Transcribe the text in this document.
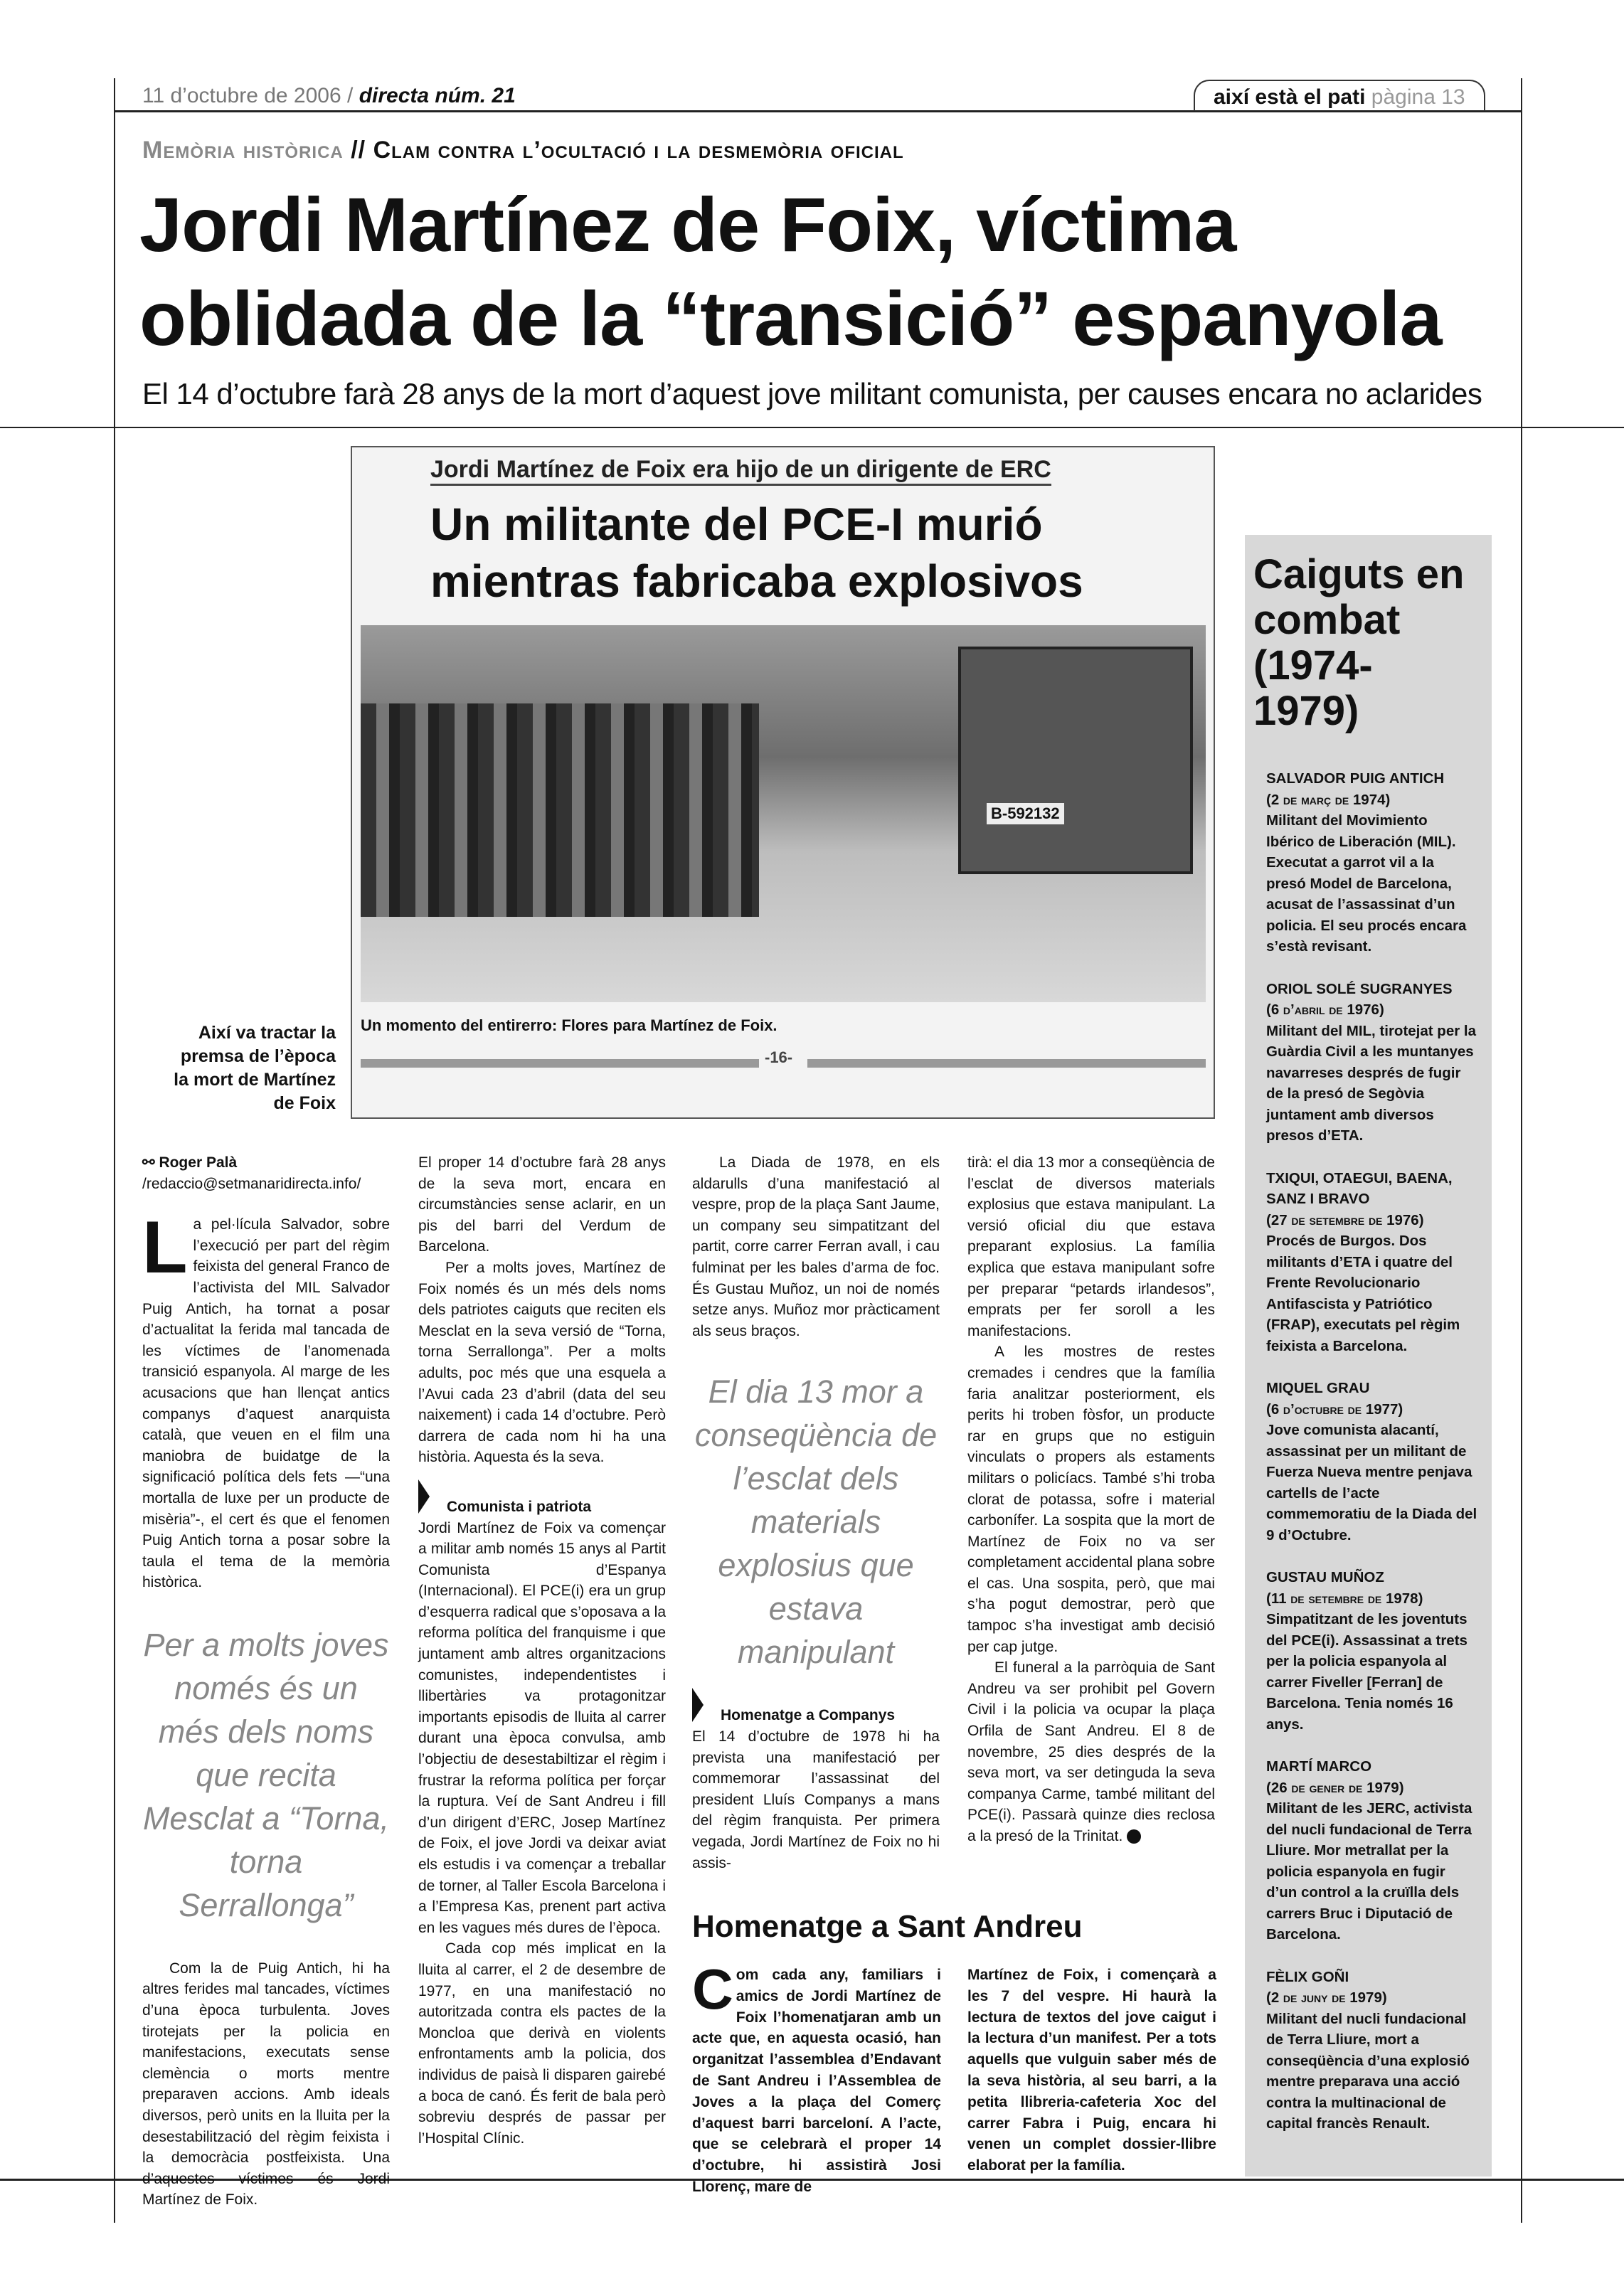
11 d’octubre de 2006 / directa núm. 21	així està el pati pàgina 13
Memòria històrica // Clam contra l’ocultació i la desmemòria oficial
Jordi Martínez de Foix, víctima oblidada de la “transició” espanyola
El 14 d’octubre farà 28 anys de la mort d’aquest jove militant comunista, per causes encara no aclarides
Jordi Martínez de Foix era hijo de un dirigente de ERC
Un militante del PCE-I murió mientras fabricaba explosivos
B-592132
Un momento del entirerro: Flores para Martínez de Foix.
-16-
Així va tractar la premsa de l’època la mort de Martínez de Foix
⚯ Roger Palà
/redaccio@setmanaridirecta.info/

La pel·lícula Salvador, sobre l’execució per part del règim feixista del general Franco de l’activista del MIL Salvador Puig Antich, ha tornat a posar d’actualitat la ferida mal tancada de les víctimes de l’anomenada transició espanyola. Al marge de les acusacions que han llençat antics companys d’aquest anarquista català, que veuen en el film una maniobra de buidatge de la significació política dels fets —“una mortalla de luxe per un producte de misèria”-, el cert és que el fenomen Puig Antich torna a posar sobre la taula el tema de la memòria històrica.

Per a molts joves només és un més dels noms que recita Mesclat a “Torna, torna Serrallonga”

Com la de Puig Antich, hi ha altres ferides mal tancades, víctimes d’una època turbulenta. Joves tirotejats per la policia en manifestacions, executats sense clemència o morts mentre preparaven accions. Amb ideals diversos, però units en la lluita per la desestabilització del règim feixista i la democràcia postfeixista. Una d’aquestes víctimes és Jordi Martínez de Foix.

El proper 14 d’octubre farà 28 anys de la seva mort, encara en circumstàncies sense aclarir, en un pis del barri del Verdum de Barcelona.

Per a molts joves, Martínez de Foix només és un més dels noms dels patriotes caiguts que reciten els Mesclat en la seva versió de “Torna, torna Serrallonga”. Per a molts adults, poc més que una esquela a l’Avui cada 23 d’abril (data del seu naixement) i cada 14 d’octubre. Però darrera de cada nom hi ha una història. Aquesta és la seva.

Comunista i patriota

Jordi Martínez de Foix va començar a militar amb només 15 anys al Partit Comunista d’Espanya (Internacional). El PCE(i) era un grup d’esquerra radical que s’oposava a la reforma política del franquisme i que juntament amb altres organitzacions comunistes, independentistes i llibertàries va protagonitzar importants episodis de lluita al carrer durant una època convulsa, amb l’objectiu de desestabiltizar el règim i frustrar la reforma política per forçar la ruptura. Veí de Sant Andreu i fill d’un dirigent d’ERC, Josep Martínez de Foix, el jove Jordi va deixar aviat els estudis i va començar a treballar de torner, al Taller Escola Barcelona i a l’Empresa Kas, prenent part activa en les vagues més dures de l’època.

Cada cop més implicat en la lluita al carrer, el 2 de desembre de 1977, en una manifestació no autoritzada contra els pactes de la Moncloa que derivà en violents enfrontaments amb la policia, dos individus de paisà li disparen gairebé a boca de canó. És ferit de bala però sobreviu després de passar per l’Hospital Clínic.

La Diada de 1978, en els aldarulls d’una manifestació al vespre, prop de la plaça Sant Jaume, un company seu simpatitzant del partit, corre carrer Ferran avall, i cau fulminat per les bales d’arma de foc. És Gustau Muñoz, un noi de només setze anys. Muñoz mor pràcticament als seus braços.

El dia 13 mor a conseqüència de l’esclat dels materials explosius que estava manipulant
Homenatge a Companys

El 14 d’octubre de 1978 hi ha prevista una manifestació per commemorar l’assassinat del president Lluís Companys a mans del règim franquista. Per primera vegada, Jordi Martínez de Foix no hi assis-

tirà: el dia 13 mor a conseqüència de l’esclat de diversos materials explosius que estava manipulant. La versió oficial diu que estava preparant explosius. La família explica que estava manipulant sofre per preparar “petards irlandesos”, emprats per fer soroll a les manifestacions.

A les mostres de restes cremades i cendres que la família faria analitzar posteriorment, els perits hi troben fòsfor, un producte rar en grups que no estiguin vinculats o propers als estaments militars o policíacs. També s’hi troba clorat de potassa, sofre i material carbonífer. La sospita que la mort de Martínez de Foix no va ser completament accidental plana sobre el cas. Una sospita, però, que mai s’ha pogut demostrar, però que tampoc s’ha investigat amb decisió per cap jutge.

El funeral a la parròquia de Sant Andreu va ser prohibit pel Govern Civil i la policia va ocupar la plaça Orfila de Sant Andreu. El 8 de novembre, 25 dies després de la seva mort, va ser detinguda la seva companya Carme, també militant del PCE(i). Passarà quinze dies reclosa a la presó de la Trinitat.	dl

Homenatge a Sant Andreu
Com cada any, familiars i amics de Jordi Martínez de Foix l’homenatjaran amb un acte que, en aquesta ocasió, han organitzat l’assemblea d’Endavant de Sant Andreu i l’Assemblea de Joves a la plaça del Comerç d’aquest barri barceloní. A l’acte, que se celebrarà el proper 14 d’octubre, hi assistirà Josi Llorenç, mare de
Martínez de Foix, i començarà a les 7 del vespre. Hi haurà la lectura de textos del jove caigut i la lectura d’un manifest. Per a tots aquells que vulguin saber més de la seva història, al seu barri, a la petita llibreria-cafeteria Xoc del carrer Fabra i Puig, encara hi venen un complet dossier-llibre elaborat per la família.
Caiguts en combat (1974-1979)
SALVADOR PUIG ANTICH
(2 de març de 1974)
Militant del Movimiento Ibérico de Liberación (MIL). Executat a garrot vil a la presó Model de Barcelona, acusat de l’assassinat d’un policia. El seu procés encara s’està revisant.
ORIOL SOLÉ SUGRANYES
(6 d’abril de 1976)
Militant del MIL, tirotejat per la Guàrdia Civil a les muntanyes navarreses després de fugir de la presó de Segòvia juntament amb diversos presos d’ETA.
TXIQUI, OTAEGUI, BAENA, SANZ I BRAVO
(27 de setembre de 1976)
Procés de Burgos. Dos militants d’ETA i quatre del Frente Revolucionario Antifascista y Patriótico (FRAP), executats pel règim feixista a Barcelona.
MIQUEL GRAU
(6 d’octubre de 1977)
Jove comunista alacantí, assassinat per un militant de Fuerza Nueva mentre penjava cartells de l’acte commemoratiu de la Diada del 9 d’Octubre.
GUSTAU MUÑOZ
(11 de setembre de 1978)
Simpatitzant de les joventuts del PCE(i). Assassinat a trets per la policia espanyola al carrer Fiveller [Ferran] de Barcelona. Tenia només 16 anys.
MARTÍ MARCO
(26 de gener de 1979)
Militant de les JERC, activista del nucli fundacional de Terra Lliure. Mor metrallat per la policia espanyola en fugir d’un control a la cruïlla dels carrers Bruc i Diputació de Barcelona.
FÈLIX GOÑI
(2 de juny de 1979)
Militant del nucli fundacional de Terra Lliure, mort a conseqüència d’una explosió mentre preparava una acció contra la multinacional de capital francès Renault.
